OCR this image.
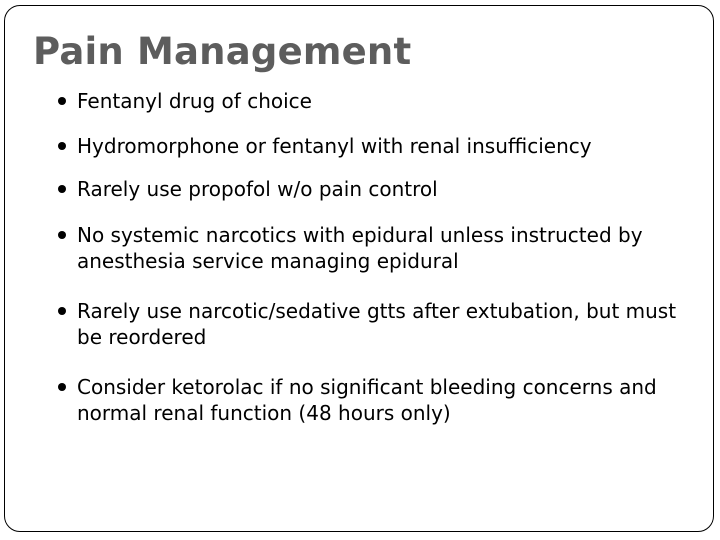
Pain Management
Fentanyl drug of choice
Hydromorphone or fentanyl with renal insufficiency
Rarely use propofol w/o pain control
No systemic narcotics with epidural unless instructed by anesthesia service managing epidural
Rarely use narcotic/sedative gtts after extubation, but must be reordered
Consider ketorolac if no significant bleeding concerns and normal renal function (48 hours only)
